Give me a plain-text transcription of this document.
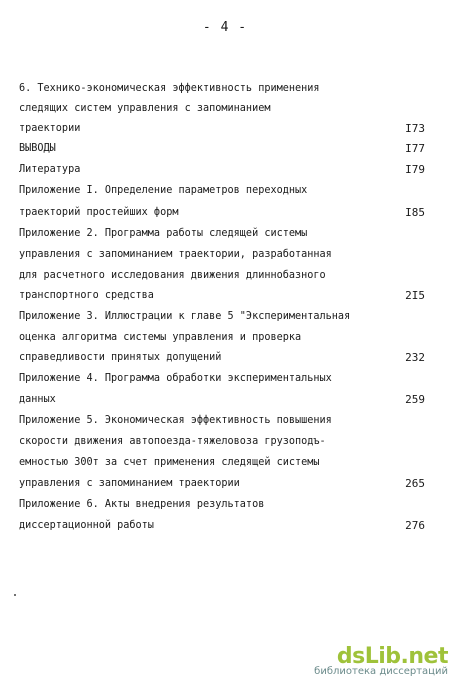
- 4 -
6. Технико-экономическая эффективность применения
следящих систем управления с запоминанием
траектории	I73
ВЫВОДЫ	I77
Литература	I79
Приложение I. Определение параметров переходных
траекторий простейших форм	I85
Приложение 2. Программа работы следящей системы
управления с запоминанием траектории, разработанная
для расчетного исследования движения длиннобазного
транспортного средства	2I5
Приложение 3. Иллюстрации к главе 5 "Экспериментальная
оценка алгоритма системы управления и проверка
справедливости принятых допущений	232
Приложение 4. Программа обработки экспериментальных
данных	259
Приложение 5. Экономическая эффективность повышения
скорости движения автопоезда-тяжеловоза грузоподъ-
емностью 300т за счет применения следящей системы
управления с запоминанием траектории	265
Приложение 6. Акты внедрения результатов
диссертационной работы	276
dsLib.net
библиотека диссертаций
